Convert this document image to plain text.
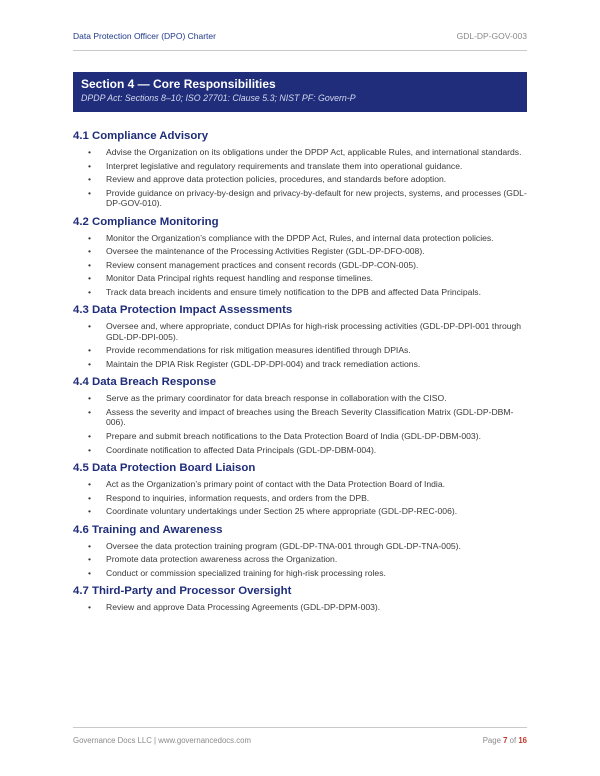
Data Protection Officer (DPO) Charter	GDL-DP-GOV-003
Section 4 — Core Responsibilities
DPDP Act: Sections 8–10; ISO 27701: Clause 5.3; NIST PF: Govern-P
4.1 Compliance Advisory
• Advise the Organization on its obligations under the DPDP Act, applicable Rules, and international standards.
• Interpret legislative and regulatory requirements and translate them into operational guidance.
• Review and approve data protection policies, procedures, and standards before adoption.
• Provide guidance on privacy-by-design and privacy-by-default for new projects, systems, and processes (GDL-DP-GOV-010).
4.2 Compliance Monitoring
• Monitor the Organization’s compliance with the DPDP Act, Rules, and internal data protection policies.
• Oversee the maintenance of the Processing Activities Register (GDL-DP-DFO-008).
• Review consent management practices and consent records (GDL-DP-CON-005).
• Monitor Data Principal rights request handling and response timelines.
• Track data breach incidents and ensure timely notification to the DPB and affected Data Principals.
4.3 Data Protection Impact Assessments
• Oversee and, where appropriate, conduct DPIAs for high-risk processing activities (GDL-DP-DPI-001 through GDL-DP-DPI-005).
• Provide recommendations for risk mitigation measures identified through DPIAs.
• Maintain the DPIA Risk Register (GDL-DP-DPI-004) and track remediation actions.
4.4 Data Breach Response
• Serve as the primary coordinator for data breach response in collaboration with the CISO.
• Assess the severity and impact of breaches using the Breach Severity Classification Matrix (GDL-DP-DBM-006).
• Prepare and submit breach notifications to the Data Protection Board of India (GDL-DP-DBM-003).
• Coordinate notification to affected Data Principals (GDL-DP-DBM-004).
4.5 Data Protection Board Liaison
• Act as the Organization’s primary point of contact with the Data Protection Board of India.
• Respond to inquiries, information requests, and orders from the DPB.
• Coordinate voluntary undertakings under Section 25 where appropriate (GDL-DP-REC-006).
4.6 Training and Awareness
• Oversee the data protection training program (GDL-DP-TNA-001 through GDL-DP-TNA-005).
• Promote data protection awareness across the Organization.
• Conduct or commission specialized training for high-risk processing roles.
4.7 Third-Party and Processor Oversight
• Review and approve Data Processing Agreements (GDL-DP-DPM-003).
Governance Docs LLC | www.governancedocs.com	Page 7 of 16
